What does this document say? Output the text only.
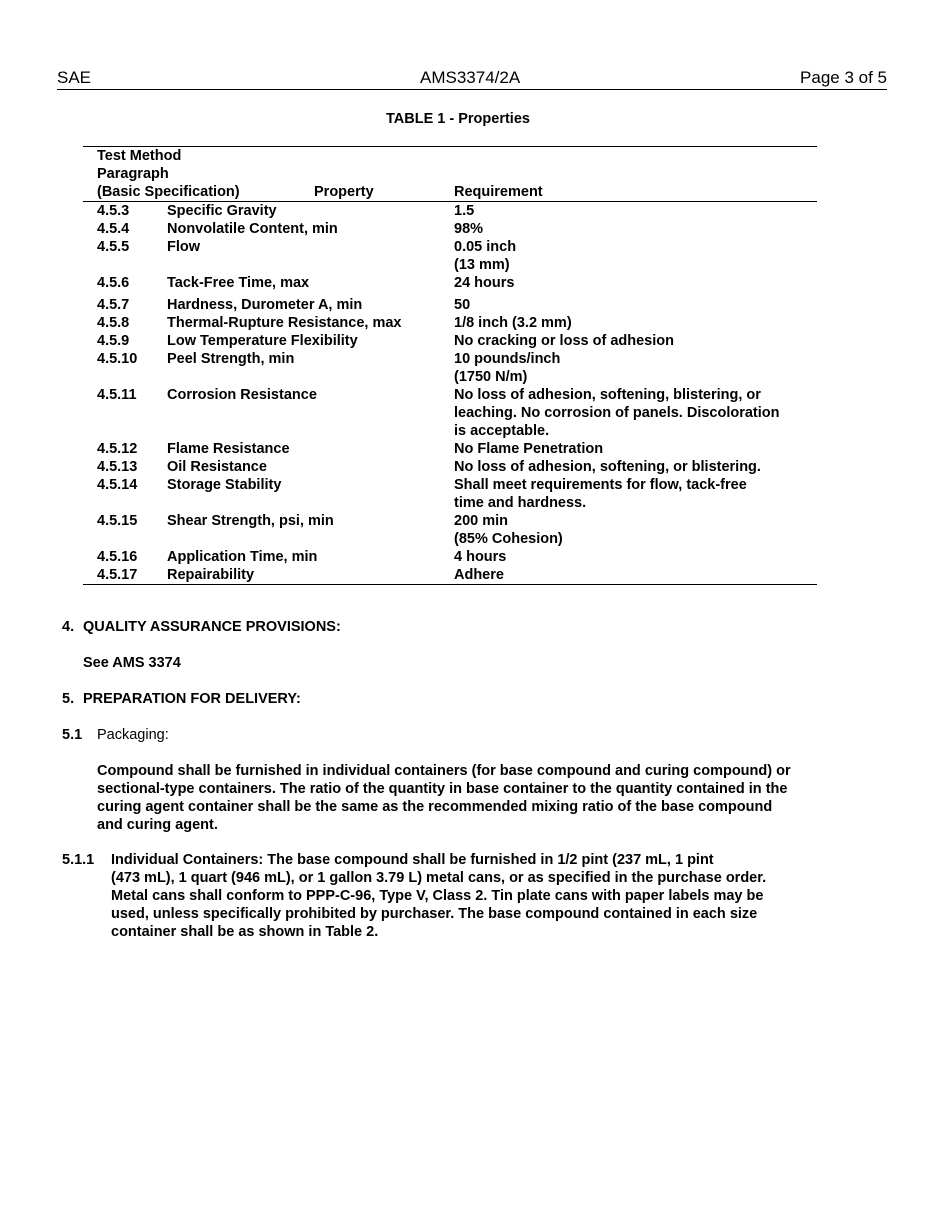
SAE	AMS3374/2A	Page 3 of 5
TABLE 1 - Properties
Test Method
Paragraph
(Basic Specification)	Property	Requirement
4.5.3	Specific Gravity	1.5
4.5.4	Nonvolatile Content, min	98%
4.5.5	Flow	0.05 inch
(13 mm)
4.5.6	Tack-Free Time, max	24 hours
4.5.7	Hardness, Durometer A, min	50
4.5.8	Thermal-Rupture Resistance, max	1/8 inch (3.2 mm)
4.5.9	Low Temperature Flexibility	No cracking or loss of adhesion
4.5.10 Peel Strength, min	10 pounds/inch
(1750 N/m)
4.5.11 Corrosion Resistance	No loss of adhesion, softening, blistering, or
leaching. No corrosion of panels. Discoloration
is acceptable.
4.5.12 Flame Resistance	No Flame Penetration
4.5.13 Oil Resistance	No loss of adhesion, softening, or blistering.
4.5.14 Storage Stability	Shall meet requirements for flow, tack-free
time and hardness.
4.5.15 Shear Strength, psi, min	200 min
(85% Cohesion)
4.5.16 Application Time, min	4 hours
4.5.17 Repairability	Adhere
4. QUALITY ASSURANCE PROVISIONS:
See AMS 3374
5. PREPARATION FOR DELIVERY:
5.1 Packaging:
Compound shall be furnished in individual containers (for base compound and curing compound) or
sectional-type containers. The ratio of the quantity in base container to the quantity contained in the
curing agent container shall be the same as the recommended mixing ratio of the base compound
and curing agent.
5.1.1 Individual Containers: The base compound shall be furnished in 1/2 pint (237 mL, 1 pint
(473 mL), 1 quart (946 mL), or 1 gallon 3.79 L) metal cans, or as specified in the purchase order.
Metal cans shall conform to PPP-C-96, Type V, Class 2. Tin plate cans with paper labels may be
used, unless specifically prohibited by purchaser. The base compound contained in each size
container shall be as shown in Table 2.
